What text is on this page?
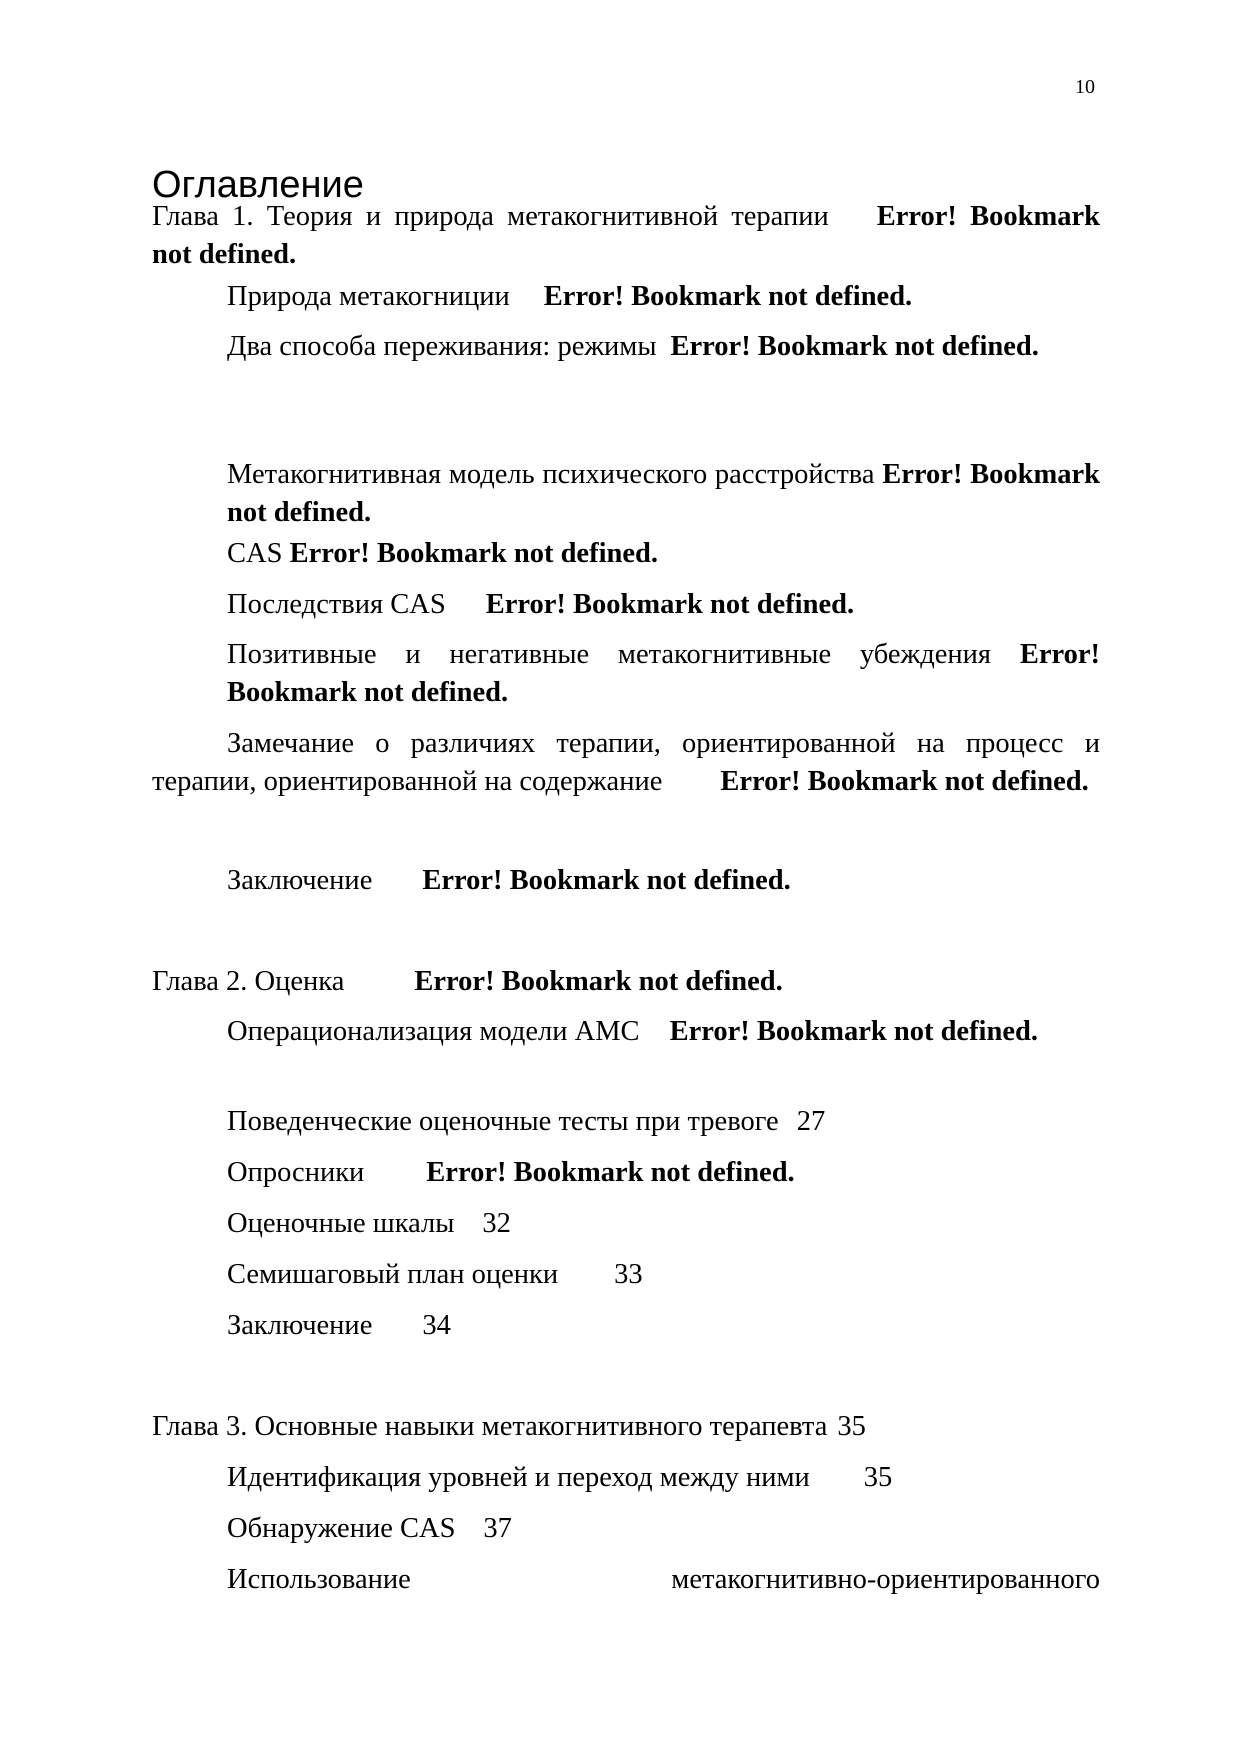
10
Оглавление

Глава 1. Теория и природа метакогнитивной терапии Error! Bookmark not defined.

Природа метакогниции Error! Bookmark not defined.

Два способа переживания: режимы Error! Bookmark not defined.

Метакогнитивная модель психического расстройства Error! Bookmark not defined.

CAS Error! Bookmark not defined.

Последствия CAS Error! Bookmark not defined.

Позитивные и негативные метакогнитивные убеждения Error! Bookmark not defined.

Замечание о различиях терапии, ориентированной на процесс и терапии, ориентированной на содержание Error! Bookmark not defined.

Заключение Error! Bookmark not defined.

Глава 2. Оценка Error! Bookmark not defined.

Операционализация модели AMC Error! Bookmark not defined.

Поведенческие оценочные тесты при тревоге 27

Опросники Error! Bookmark not defined.

Оценочные шкалы 32

Семишаговый план оценки 33

Заключение 34

Глава 3. Основные навыки метакогнитивного терапевта 35

Идентификация уровней и переход между ними 35

Обнаружение CAS 37

Использование метакогнитивно-ориентированного
